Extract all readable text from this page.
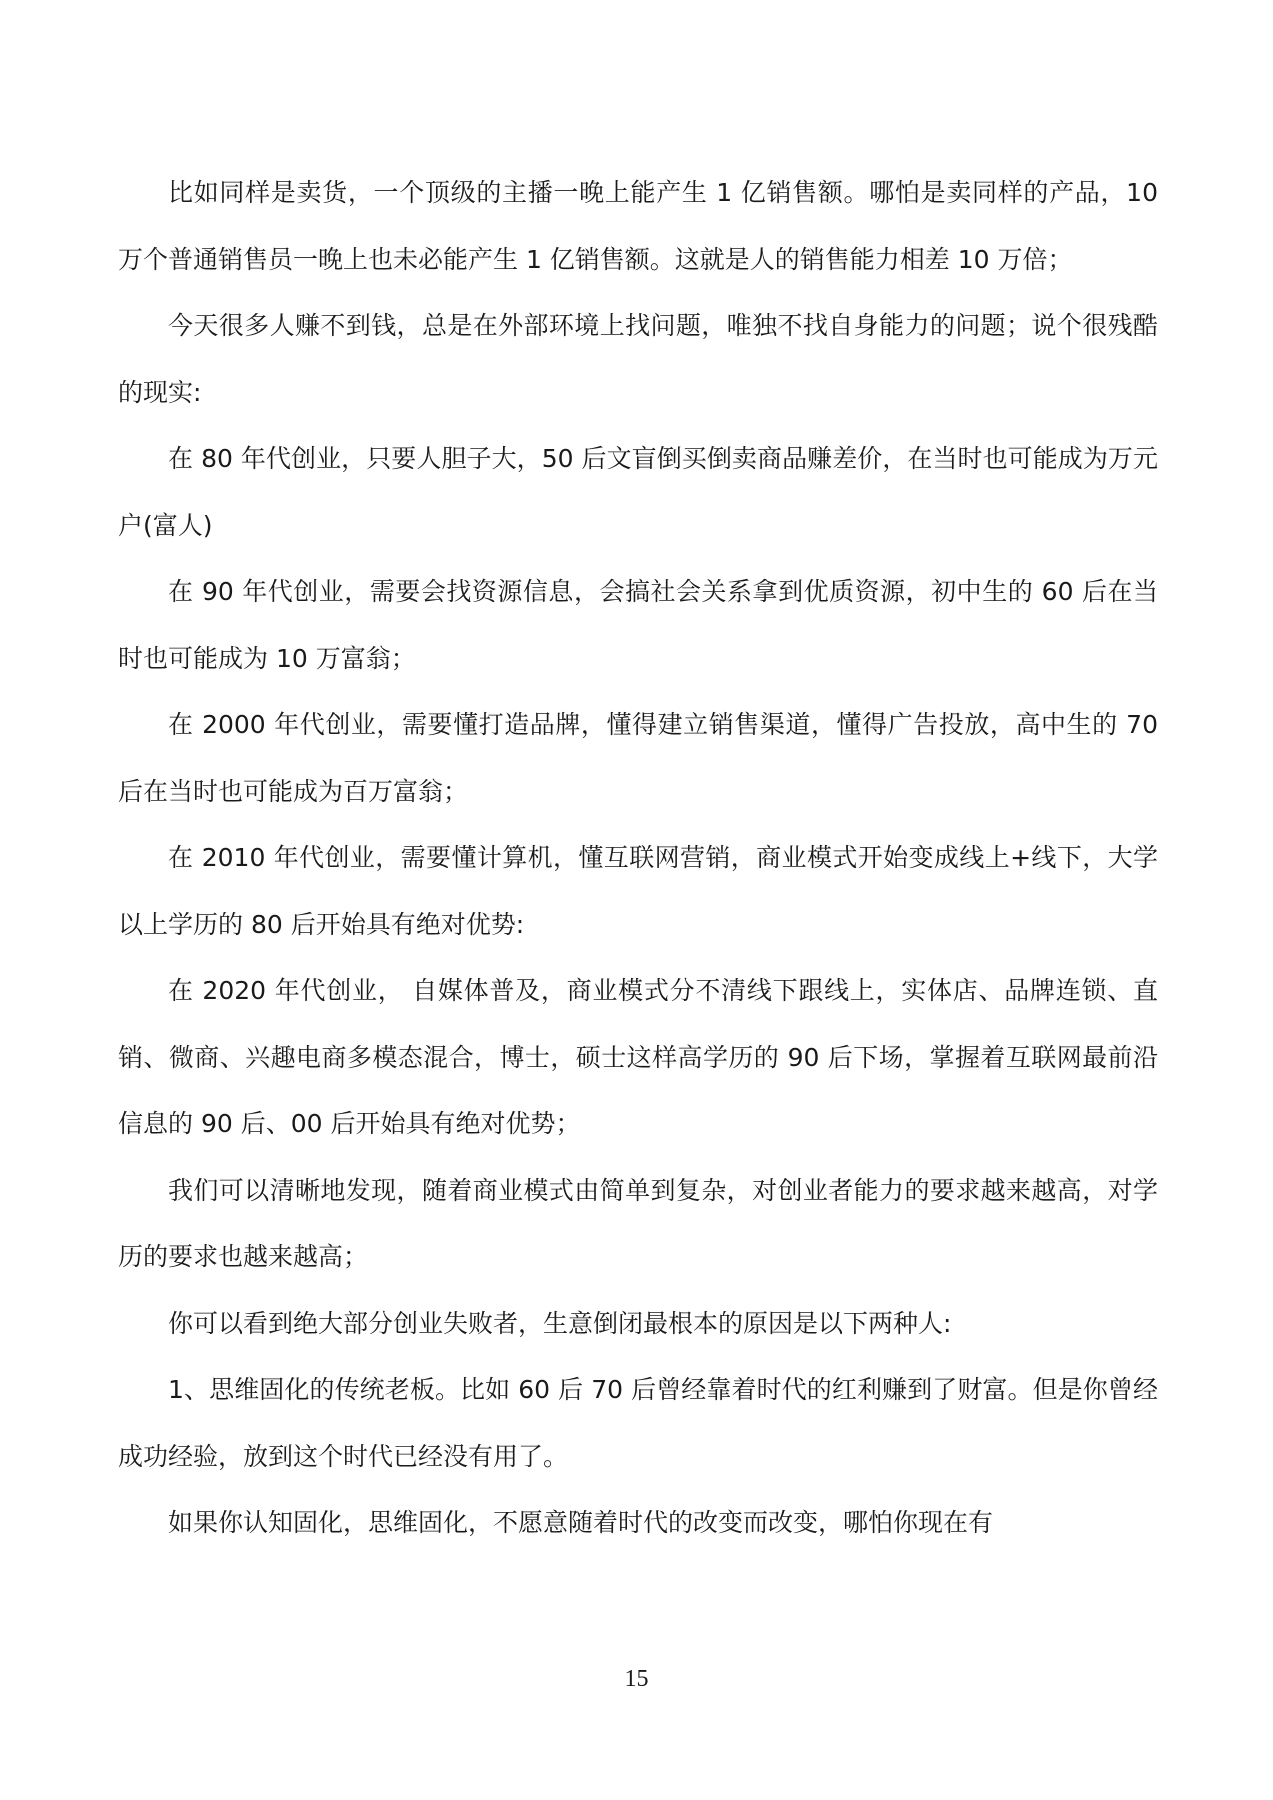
比如同样是卖货，一个顶级的主播一晚上能产生 1 亿销售额。哪怕是卖同样的产品，10 万个普通销售员一晚上也未必能产生 1 亿销售额。这就是人的销售能力相差 10 万倍；

今天很多人赚不到钱，总是在外部环境上找问题，唯独不找自身能力的问题；说个很残酷的现实:

在 80 年代创业，只要人胆子大，50 后文盲倒买倒卖商品赚差价，在当时也可能成为万元户(富人)

在 90 年代创业，需要会找资源信息，会搞社会关系拿到优质资源，初中生的 60 后在当时也可能成为 10 万富翁；

在 2000 年代创业，需要懂打造品牌，懂得建立销售渠道，懂得广告投放，高中生的 70 后在当时也可能成为百万富翁；

在 2010 年代创业，需要懂计算机，懂互联网营销，商业模式开始变成线上+线下，大学以上学历的 80 后开始具有绝对优势:

在 2020 年代创业， 自媒体普及，商业模式分不清线下跟线上，实体店、品牌连锁、直销、微商、兴趣电商多模态混合，博士，硕士这样高学历的 90 后下场，掌握着互联网最前沿信息的 90 后、00 后开始具有绝对优势；

我们可以清晰地发现，随着商业模式由简单到复杂，对创业者能力的要求越来越高，对学历的要求也越来越高；

你可以看到绝大部分创业失败者，生意倒闭最根本的原因是以下两种人:

1、思维固化的传统老板。比如 60 后 70 后曾经靠着时代的红利赚到了财富。但是你曾经成功经验，放到这个时代已经没有用了。

如果你认知固化，思维固化，不愿意随着时代的改变而改变，哪怕你现在有

15
